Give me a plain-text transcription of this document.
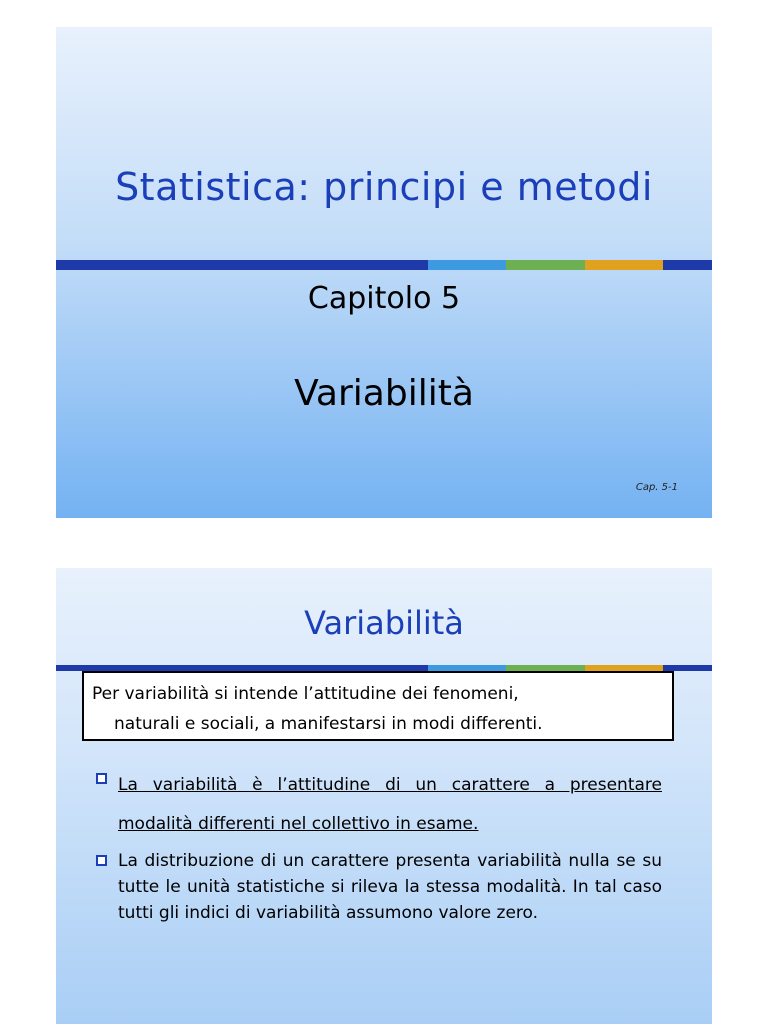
Statistica: principi e metodi
Capitolo 5
Variabilità
Cap. 5-1
Variabilità
Per variabilità si intende l’attitudine dei fenomeni,
naturali e sociali, a manifestarsi in modi differenti.
La variabilità è l’attitudine di un carattere a presentare modalità differenti nel collettivo in esame.
La distribuzione di un carattere presenta variabilità nulla se su tutte le unità statistiche si rileva la stessa modalità. In tal caso tutti gli indici di variabilità assumono valore zero.
